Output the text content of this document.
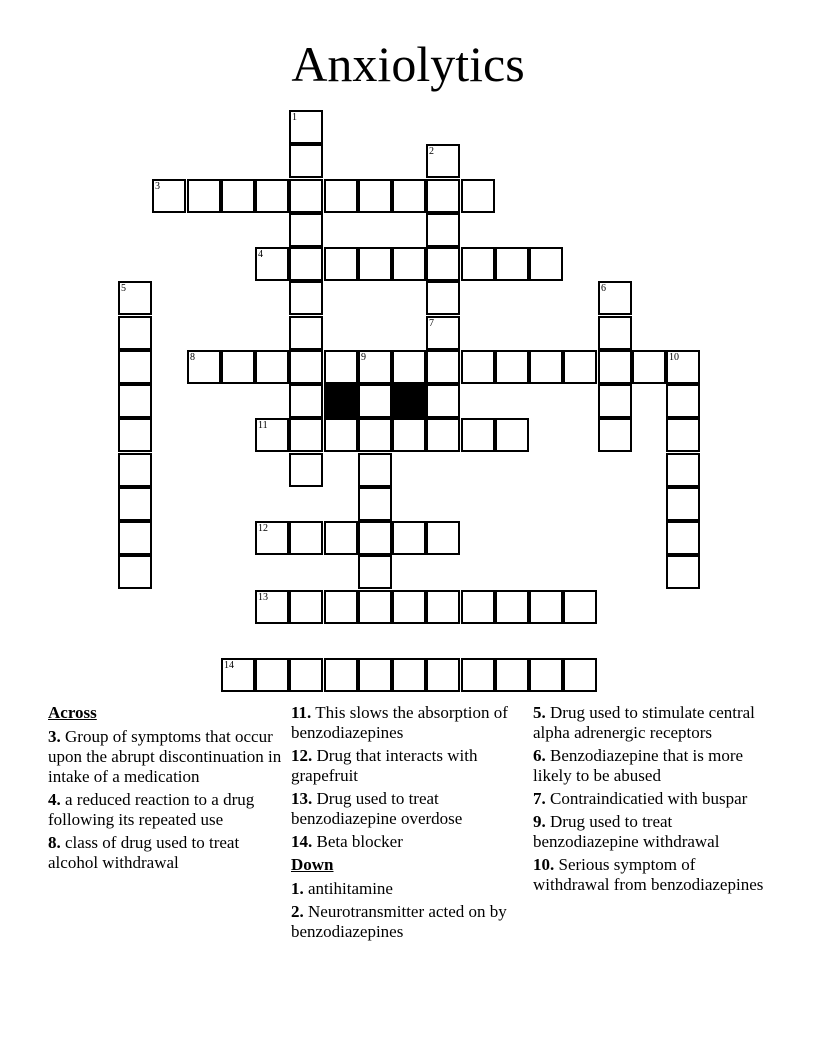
Anxiolytics
1
2
3
4
5	6
7
8	9	10
11
12
13
14
Across
3. Group of symptoms that occur upon the abrupt discontinuation in intake of a medication
4. a reduced reaction to a drug following its repeated use
8. class of drug used to treat alcohol withdrawal
11. This slows the absorption of benzodiazepines
12. Drug that interacts with grapefruit
13. Drug used to treat benzodiazepine overdose
14. Beta blocker
Down
1. antihitamine
2. Neurotransmitter acted on by benzodiazepines
5. Drug used to stimulate central alpha adrenergic receptors
6. Benzodiazepine that is more likely to be abused
7. Contraindicatied with buspar
9. Drug used to treat benzodiazepine withdrawal
10. Serious symptom of withdrawal from benzodiazepines
